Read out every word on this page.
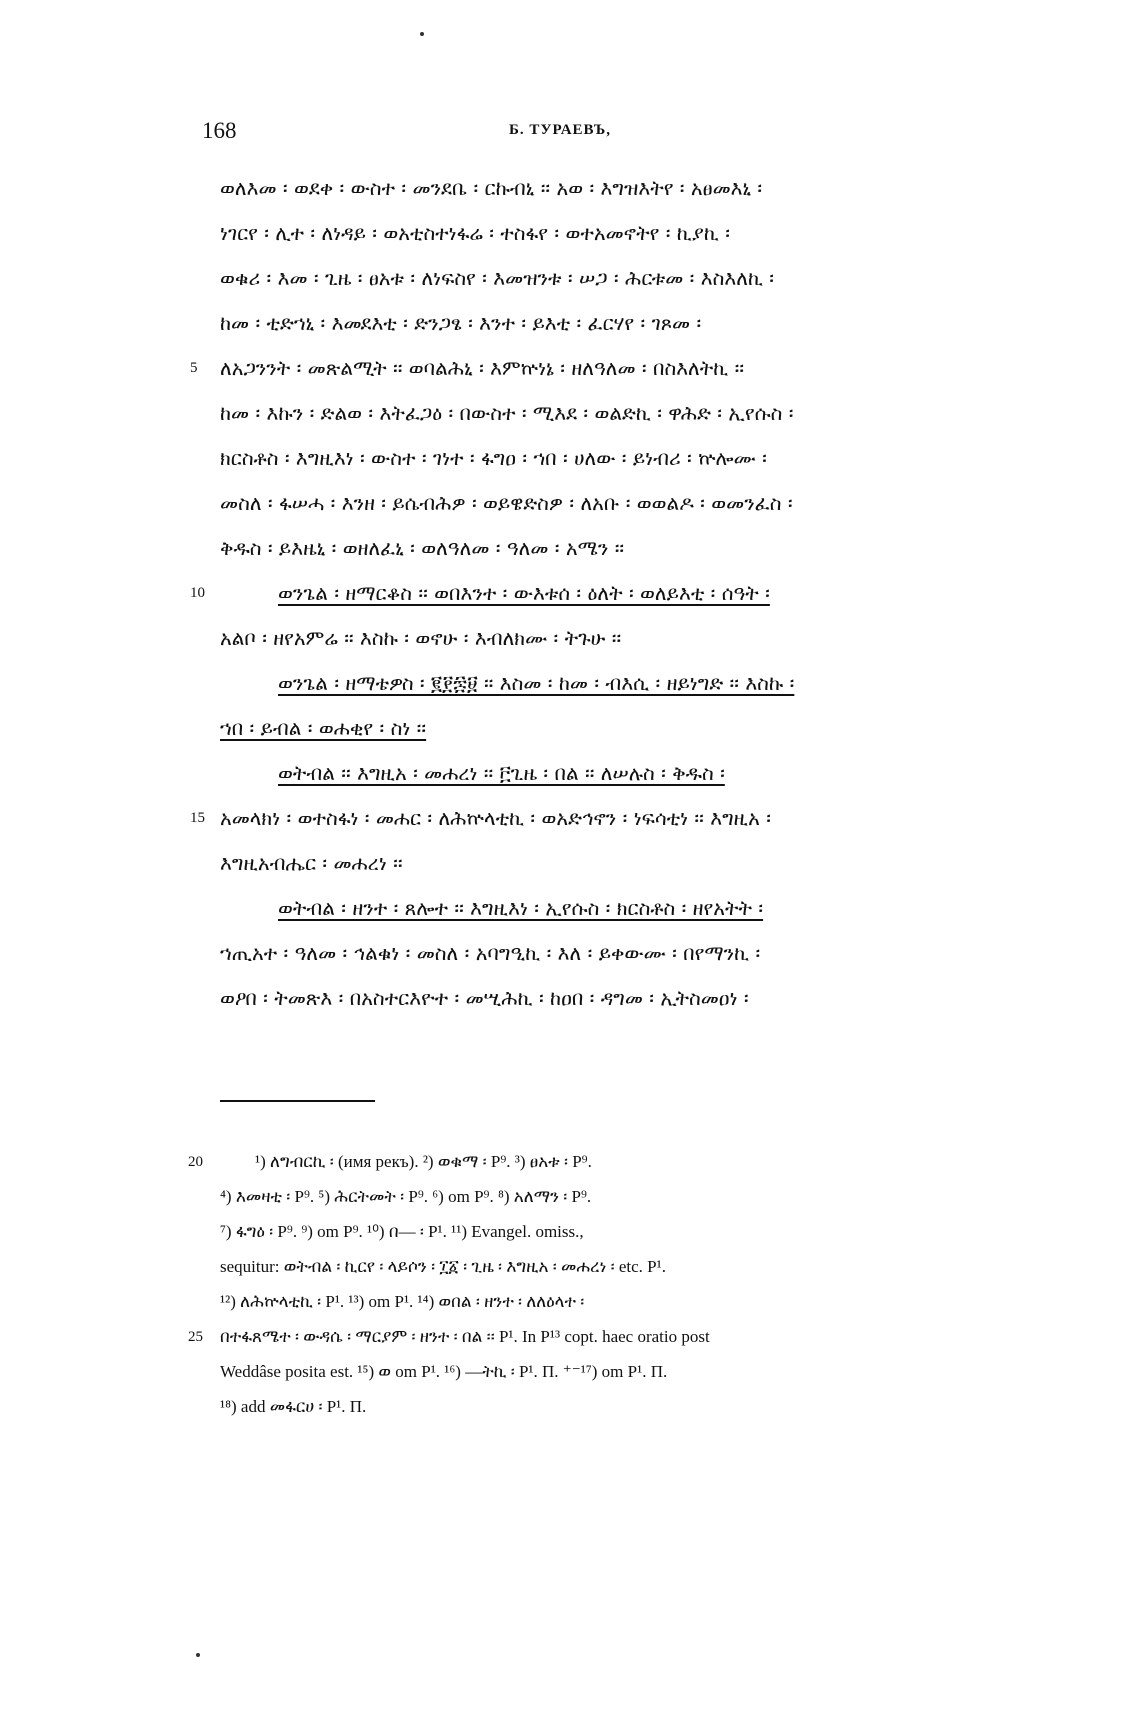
168	Б. ТУРАЕВЪ,
ወለእመ ፡ ወደቀ ፡ ውስተ ፡ መንደቤ ፡ ርኩብኒ ፡፡ አወ ፡ እግዝእትየ ፡ አፀመእኒ ፡
ነገርየ ፡ ሊተ ፡ ለነዳይ ፡ ወአቲስተነፋሬ ፡ ተስፋየ ፡ ወተአመኖትየ ፡ ኪያኪ ፡
ወቁሪ ፡ እመ ፡ ጊዜ ፡ ፀአቱ ፡ ለነፍስየ ፡ እመዝንቱ ፡ ሠጋ ፡ ሕርቱመ ፡ እስእለኪ ፡
ከመ ፡ ቲድኀኒ ፡ እመደእቲ ፡ ድንጋፄ ፡ እንተ ፡ ይእቲ ፡ ፈርሃየ ፡ ገጾመ ፡
5	ለአጋንንት ፡ መጽልሚት ፡፡ ወባልሕኒ ፡ እምኵነኔ ፡ ዘለዓለመ ፡ በስእለትኪ ፡፡
ከመ ፡ እኩን ፡ ድልወ ፡ እትፈጋዕ ፡ በውስተ ፡ ሚእደ ፡ ወልድኪ ፡ ዋሕድ ፡ ኢየሱስ ፡
ክርስቶስ ፡ እግዚእነ ፡ ውስተ ፡ ገነተ ፡ ፋግዐ ፡ ኀበ ፡ ሀለው ፡ ይነብሪ ፡ ኵሎሙ ፡
መስለ ፡ ፋሠሓ ፡ እንዘ ፡ ይሴብሕዎ ፡ ወይዌድስዎ ፡ ለአቡ ፡ ወወልዶ ፡ ወመንፈስ ፡
ቅዱስ ፡ ይእዜኒ ፡ ወዘለፈኒ ፡ ወለዓለመ ፡ ዓለመ ፡ አሜን ፡፡
10	ወንጌል ፡ ዘማርቆስ ፡፡ ወበእንተ ፡ ውእቱሰ ፡ ዕለት ፡ ወለይእቲ ፡ ሰዓት ፡
አልቦ ፡ ዘየአምሬ ፡፡ እስኩ ፡ ወኖሁ ፡ እብለክሙ ፡ ትጉሁ ፡፡
ወንጌል ፡ ዘማቴዎስ ፡ ፪፻፷፱ ፡፡ እስመ ፡ ከመ ፡ ብእሲ ፡ ዘይነግድ ፡፡ እስኩ ፡
ኀበ ፡ ይብል ፡ ወሐቂየ ፡ ስነ ፡፡
ወትብል ፡፡ እግዚአ ፡ መሐረነ ፡፡ ፫ጊዜ ፡ በል ፡፡ ለሠሉስ ፡ ቅዱስ ፡
15 አመላክነ ፡ ወተስፋነ ፡ መሐር ፡ ለሕኵላቲኪ ፡ ወአድኅኖን ፡ ነፍሳቲነ ፡፡ እግዚአ ፡
እግዚአብሔር ፡ መሐረነ ፡፡
ወትብል ፡ ዘንተ ፡ ጸሎተ ፡፡ እግዚእነ ፡ ኢየሱስ ፡ ክርስቶስ ፡ ዘየአትት ፡
ኀጢአተ ፡ ዓለመ ፡ ኅልቁነ ፡ መስለ ፡ አባግዒኪ ፡ እለ ፡ ይቀውሙ ፡ በየማንኪ ፡
ወዖበ ፡ ትመጽእ ፡ በአስተርእዮተ ፡ መሢሕኪ ፡ ከዐበ ፡ ዳግመ ፡ ኢትስመዐነ ፡
20	¹) ለግብርኪ ፡ (имя рекъ). ²) ወቁማ ፡ P⁹. ³) ፀአቱ ፡ P⁹.
⁴) እመዛቲ ፡ P⁹. ⁵) ሕርትመት ፡ P⁹. ⁶) om P⁹. ⁸) አለማን ፡ P⁹.
⁷) ፋግዕ ፡ P⁹. ⁹) om P⁹. ¹⁰) በ— ፡ P¹. ¹¹) Evangel. omiss.,
sequitur: ወትብል ፡ ኪርየ ፡ ላይሶን ፡ ፲፩ ፡ ጊዜ ፡ እግዚአ ፡ መሐረነ ፡ etc. P¹.
¹²) ለሕኵላቲኪ ፡ P¹. ¹³) om P¹. ¹⁴) ወበል ፡ ዘንተ ፡ ለለዕላተ ፡
25 በተፋጸሜተ ፡ ውዳሴ ፡ ማርያም ፡ ዘንተ ፡ በል ፡፡ P¹. In P¹³ copt. haec oratio post
Weddâse posita est. ¹⁵) ወ om P¹. ¹⁶) —ትኪ ፡ P¹. П. ⁺⁻¹⁷) om P¹. П.
¹⁸) add መፋርሀ ፡ P¹. П.
